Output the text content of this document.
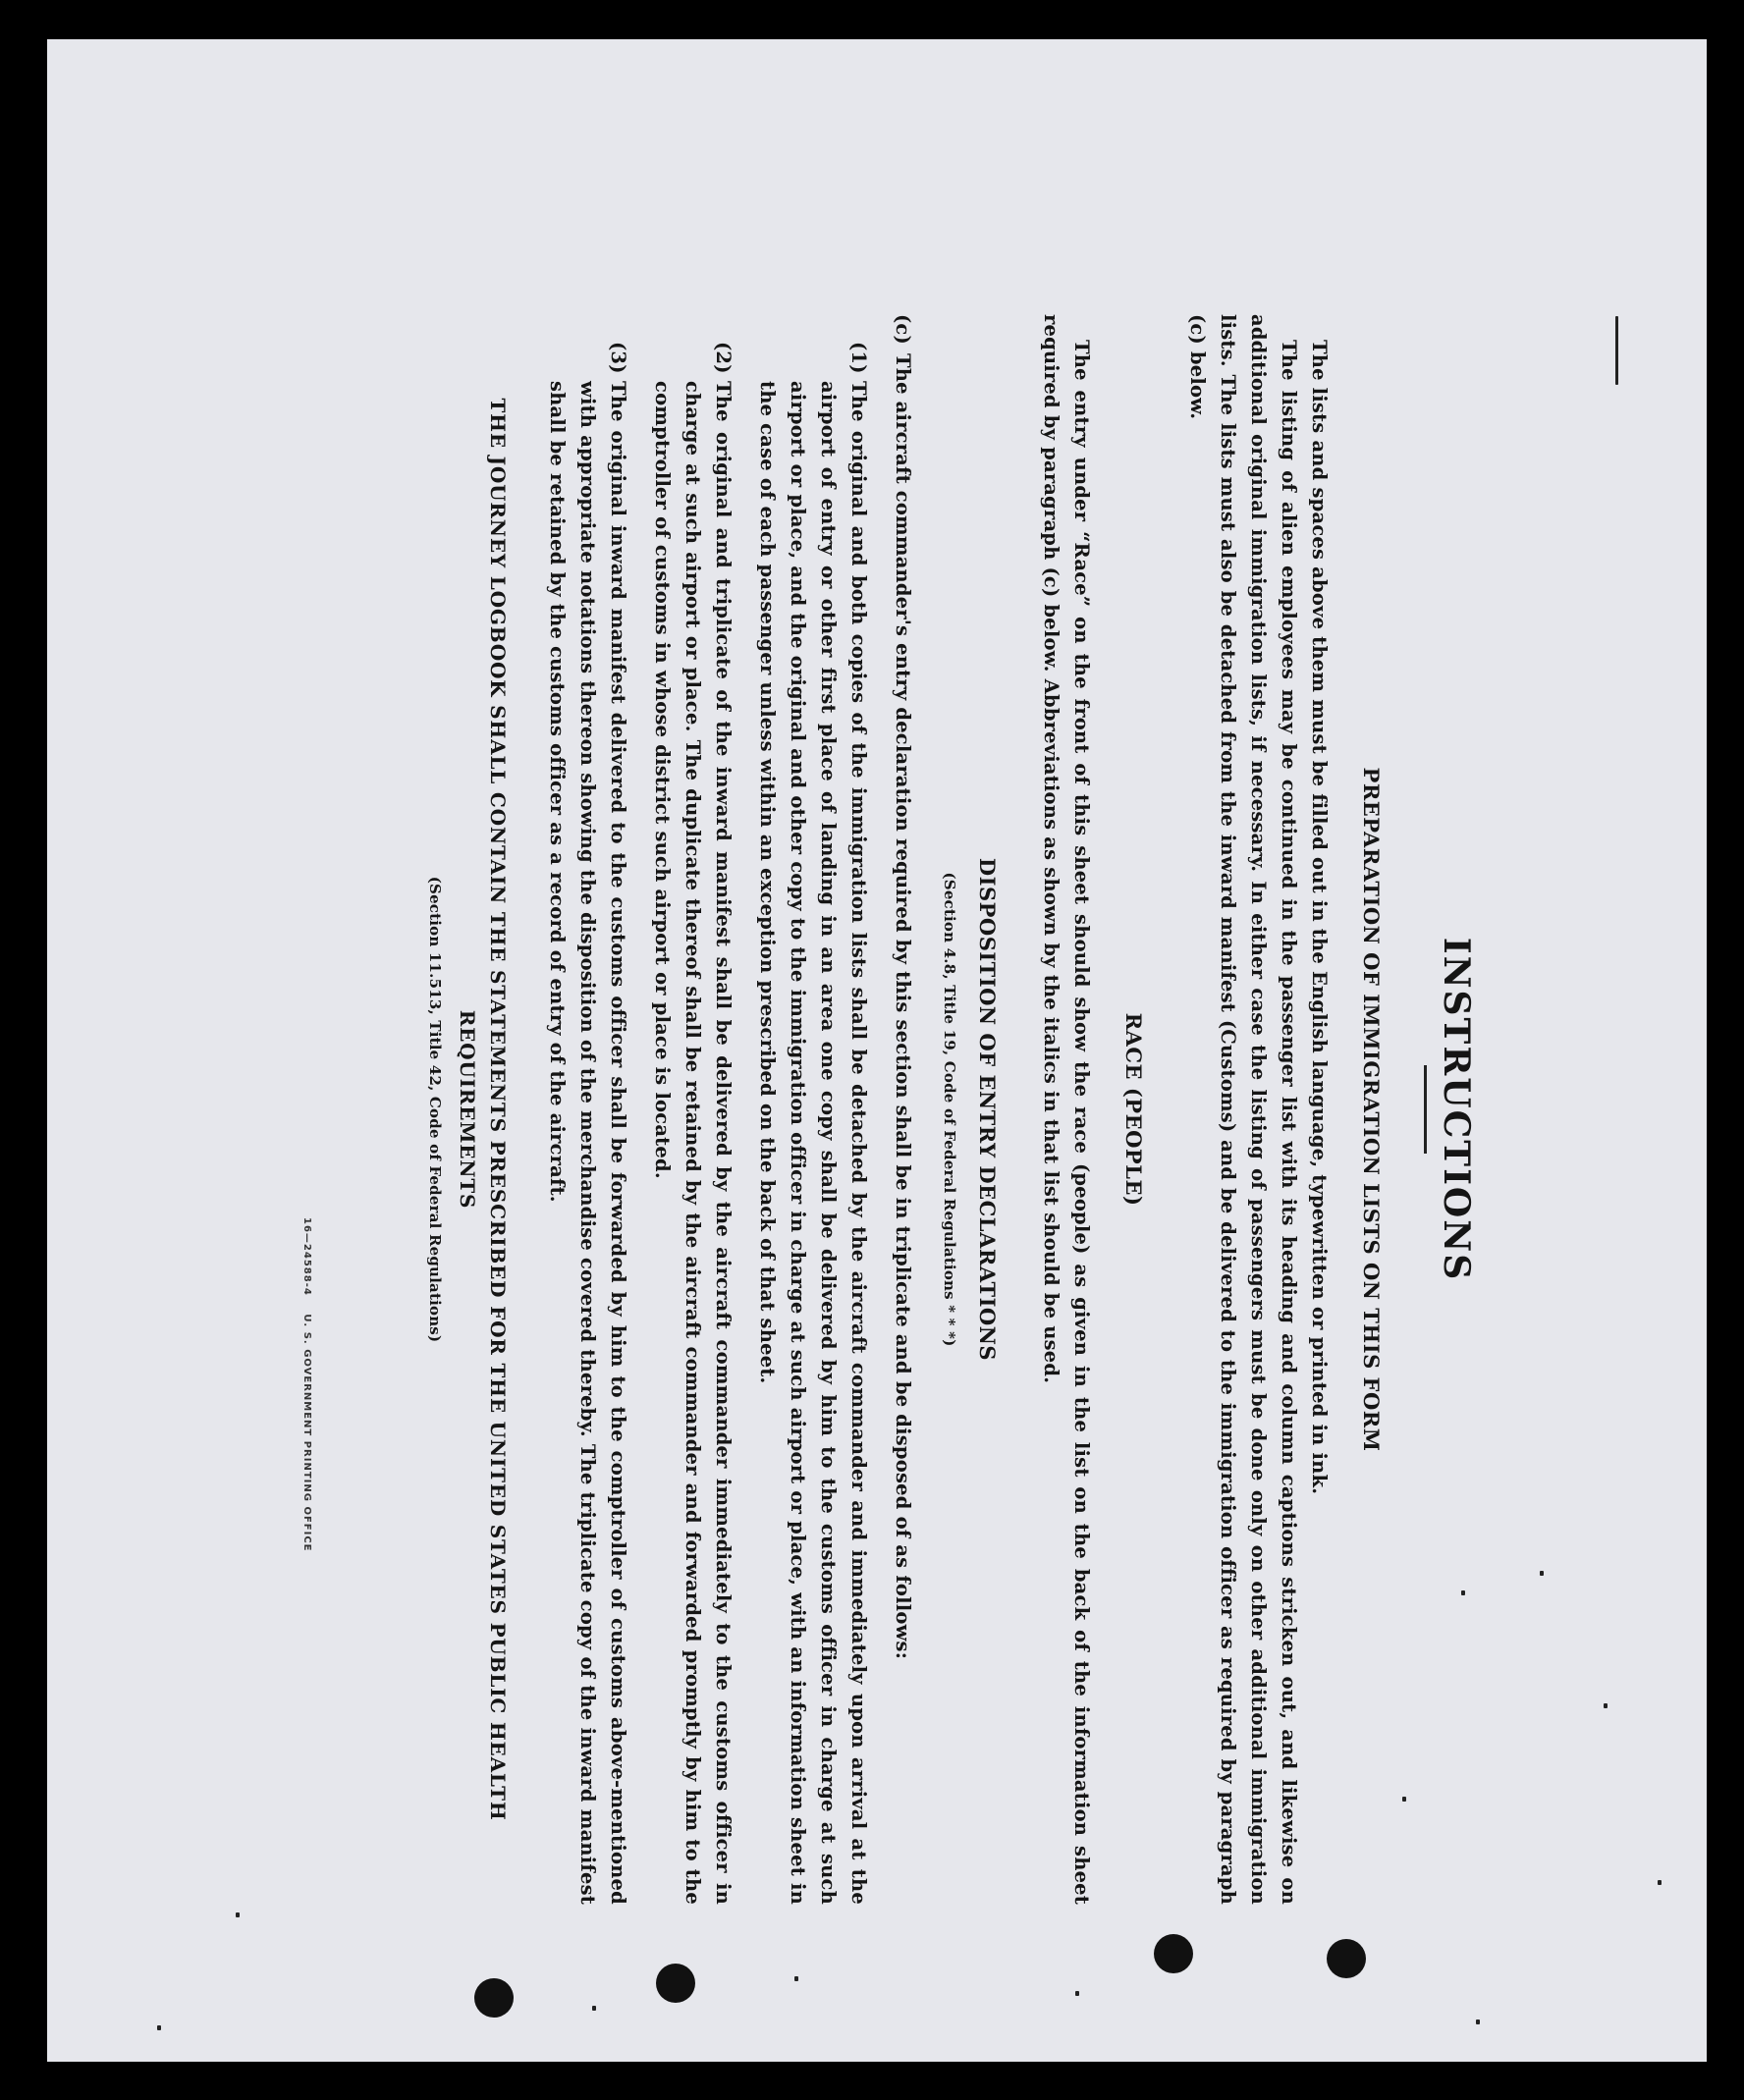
INSTRUCTIONS
PREPARATION OF IMMIGRATION LISTS ON THIS FORM

The lists and spaces above them must be filled out in the English language, typewritten or printed in ink.

The listing of alien employees may be continued in the passenger list with its heading and column captions stricken out, and likewise on additional original immigration lists, if necessary. In either case the listing of passengers must be done only on other additional immigration lists. The lists must also be detached from the inward manifest (Customs) and be delivered to the immigration officer as required by paragraph (c) below.

RACE (PEOPLE)

The entry under “Race” on the front of this sheet should show the race (people) as given in the list on the back of the information sheet required by paragraph (c) below. Abbreviations as shown by the italics in that list should be used.

DISPOSITION OF ENTRY DECLARATIONS
(Section 4.8, Title 19, Code of Federal Regulations * * *)
(c)
The aircraft commander's entry declaration required by this section shall be in triplicate and be disposed of as follows:
(1)
The original and both copies of the immigration lists shall be detached by the aircraft commander and immediately upon arrival at the airport of entry or other first place of landing in an area one copy shall be delivered by him to the customs officer in charge at such airport or place, and the original and other copy to the immigration officer in charge at such airport or place, with an information sheet in the case of each passenger unless within an exception prescribed on the back of that sheet.
(2)
The original and triplicate of the inward manifest shall be delivered by the aircraft commander immediately to the customs officer in charge at such airport or place. The duplicate thereof shall be retained by the aircraft commander and forwarded promptly by him to the comptroller of customs in whose district such airport or place is located.
(3)
The original inward manifest delivered to the customs officer shall be forwarded by him to the comptroller of customs above-mentioned with appropriate notations thereon showing the disposition of the merchandise covered thereby. The triplicate copy of the inward manifest shall be retained by the customs officer as a record of entry of the aircraft.
THE JOURNEY LOGBOOK SHALL CONTAIN THE STATEMENTS PRESCRIBED FOR THE UNITED STATES PUBLIC HEALTH REQUIREMENTS
(Section 11.513, Title 42, Code of Federal Regulations)
16—24588-4 U. S. GOVERNMENT PRINTING OFFICE
